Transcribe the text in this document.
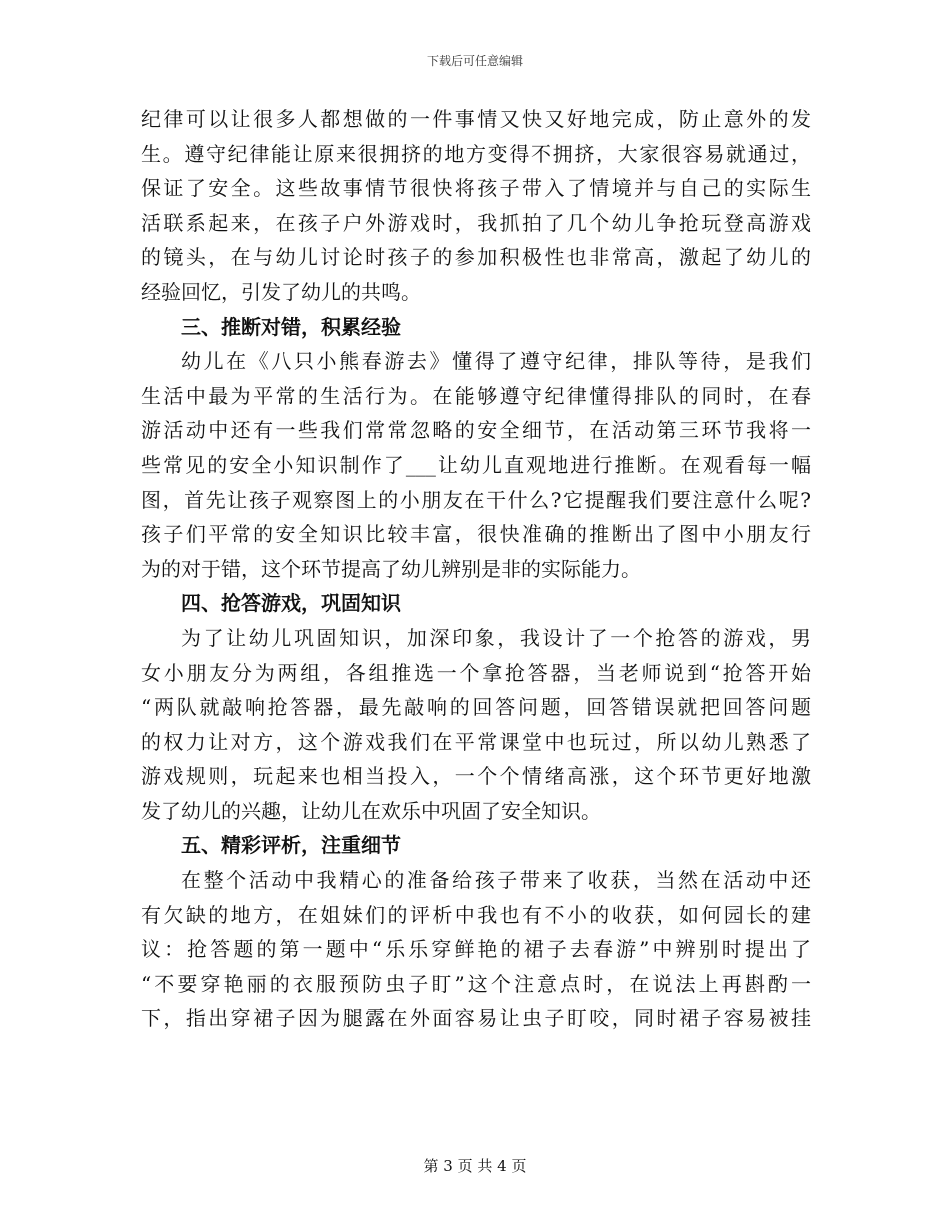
下载后可任意编辑
纪律可以让很多人都想做的一件事情又快又好地完成，防止意外的发
生。遵守纪律能让原来很拥挤的地方变得不拥挤，大家很容易就通过，
保证了安全。这些故事情节很快将孩子带入了情境并与自己的实际生
活联系起来，在孩子户外游戏时，我抓拍了几个幼儿争抢玩登高游戏
的镜头，在与幼儿讨论时孩子的参加积极性也非常高，激起了幼儿的
经验回忆，引发了幼儿的共鸣。
三、推断对错，积累经验
幼儿在《八只小熊春游去》懂得了遵守纪律，排队等待，是我们
生活中最为平常的生活行为。在能够遵守纪律懂得排队的同时，在春
游活动中还有一些我们常常忽略的安全细节，在活动第三环节我将一
些常见的安全小知识制作了___让幼儿直观地进行推断。在观看每一幅
图，首先让孩子观察图上的小朋友在干什么?它提醒我们要注意什么呢?
孩子们平常的安全知识比较丰富，很快准确的推断出了图中小朋友行
为的对于错，这个环节提高了幼儿辨别是非的实际能力。
四、抢答游戏，巩固知识
为了让幼儿巩固知识，加深印象，我设计了一个抢答的游戏，男
女小朋友分为两组，各组推选一个拿抢答器，当老师说到“抢答开始
“两队就敲响抢答器，最先敲响的回答问题，回答错误就把回答问题
的权力让对方，这个游戏我们在平常课堂中也玩过，所以幼儿熟悉了
游戏规则，玩起来也相当投入，一个个情绪高涨，这个环节更好地激
发了幼儿的兴趣，让幼儿在欢乐中巩固了安全知识。
五、精彩评析，注重细节
在整个活动中我精心的准备给孩子带来了收获，当然在活动中还
有欠缺的地方，在姐妹们的评析中我也有不小的收获，如何园长的建
议：抢答题的第一题中“乐乐穿鲜艳的裙子去春游”中辨别时提出了
“不要穿艳丽的衣服预防虫子盯”这个注意点时，在说法上再斟酌一
下，指出穿裙子因为腿露在外面容易让虫子盯咬，同时裙子容易被挂
第 3 页 共 4 页
